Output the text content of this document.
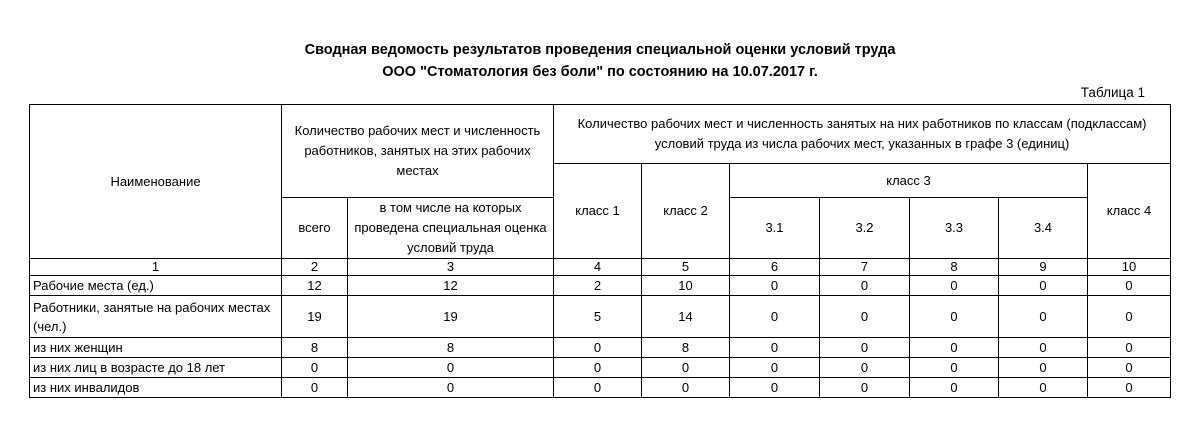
Сводная ведомость результатов проведения специальной оценки условий труда
ООО "Стоматология без боли" по состоянию на 10.07.2017 г.
Таблица 1
Наименование	Количество рабочих мест и численность работников, занятых на этих рабочих местах		Количество рабочих мест и численность занятых на них работников по классам (подклассам) условий труда из числа рабочих мест, указанных в графе 3 (единиц)						
			класс 1	класс 2	класс 3				класс 4
	всего	в том числе на которых проведена специальная оценка условий труда			3.1	3.2	3.3	3.4	
1	2	3	4	5	6	7	8	9	10
Рабочие места (ед.)	12	12	2	10	0	0	0	0	0
Работники, занятые на рабочих местах (чел.)	19	19	5	14	0	0	0	0	0
из них женщин	8	8	0	8	0	0	0	0	0
из них лиц в возрасте до 18 лет	0	0	0	0	0	0	0	0	0
из них инвалидов	0	0	0	0	0	0	0	0	0
